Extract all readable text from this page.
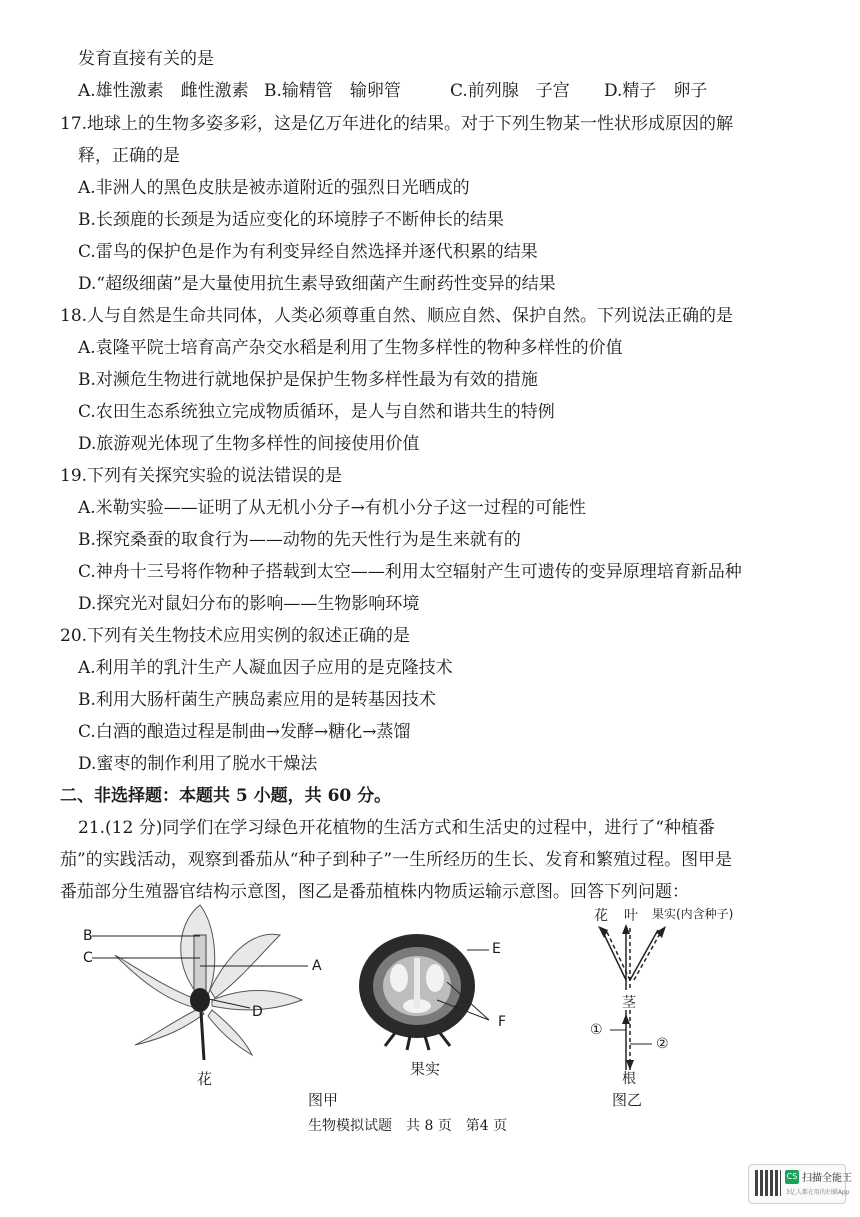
发育直接有关的是
A.雄性激素　雌性激素 B.输精管　输卵管	C.前列腺　子宫 D.精子　卵子
17.地球上的生物多姿多彩，这是亿万年进化的结果。对于下列生物某一性状形成原因的解
释，正确的是
A.非洲人的黑色皮肤是被赤道附近的强烈日光晒成的
B.长颈鹿的长颈是为适应变化的环境脖子不断伸长的结果
C.雷鸟的保护色是作为有利变异经自然选择并逐代积累的结果
D.“超级细菌”是大量使用抗生素导致细菌产生耐药性变异的结果
18.人与自然是生命共同体，人类必须尊重自然、顺应自然、保护自然。下列说法正确的是
A.袁隆平院士培育高产杂交水稻是利用了生物多样性的物种多样性的价值
B.对濒危生物进行就地保护是保护生物多样性最为有效的措施
C.农田生态系统独立完成物质循环，是人与自然和谐共生的特例
D.旅游观光体现了生物多样性的间接使用价值
19.下列有关探究实验的说法错误的是
A.米勒实验——证明了从无机小分子→有机小分子这一过程的可能性
B.探究桑蚕的取食行为——动物的先天性行为是生来就有的
C.神舟十三号将作物种子搭载到太空——利用太空辐射产生可遗传的变异原理培育新品种
D.探究光对鼠妇分布的影响——生物影响环境
20.下列有关生物技术应用实例的叙述正确的是
A.利用羊的乳汁生产人凝血因子应用的是克隆技术
B.利用大肠杆菌生产胰岛素应用的是转基因技术
C.白酒的酿造过程是制曲→发酵→糖化→蒸馏
D.蜜枣的制作利用了脱水干燥法
二、非选择题：本题共 5 小题，共 60 分。
21.(12 分)同学们在学习绿色开花植物的生活方式和生活史的过程中，进行了“种植番
茄”的实践活动，观察到番茄从“种子到种子”一生所经历的生长、发育和繁殖过程。图甲是
番茄部分生殖器官结构示意图，图乙是番茄植株内物质运输示意图。回答下列问题：
B
C	A
D
花
E
F
果实
图甲
花 叶 果实(内含种子)
茎
①
②
根
图乙
生物模拟试题　共 8 页　第4 页
CS 扫描全能王
3亿人都在用的扫描App
